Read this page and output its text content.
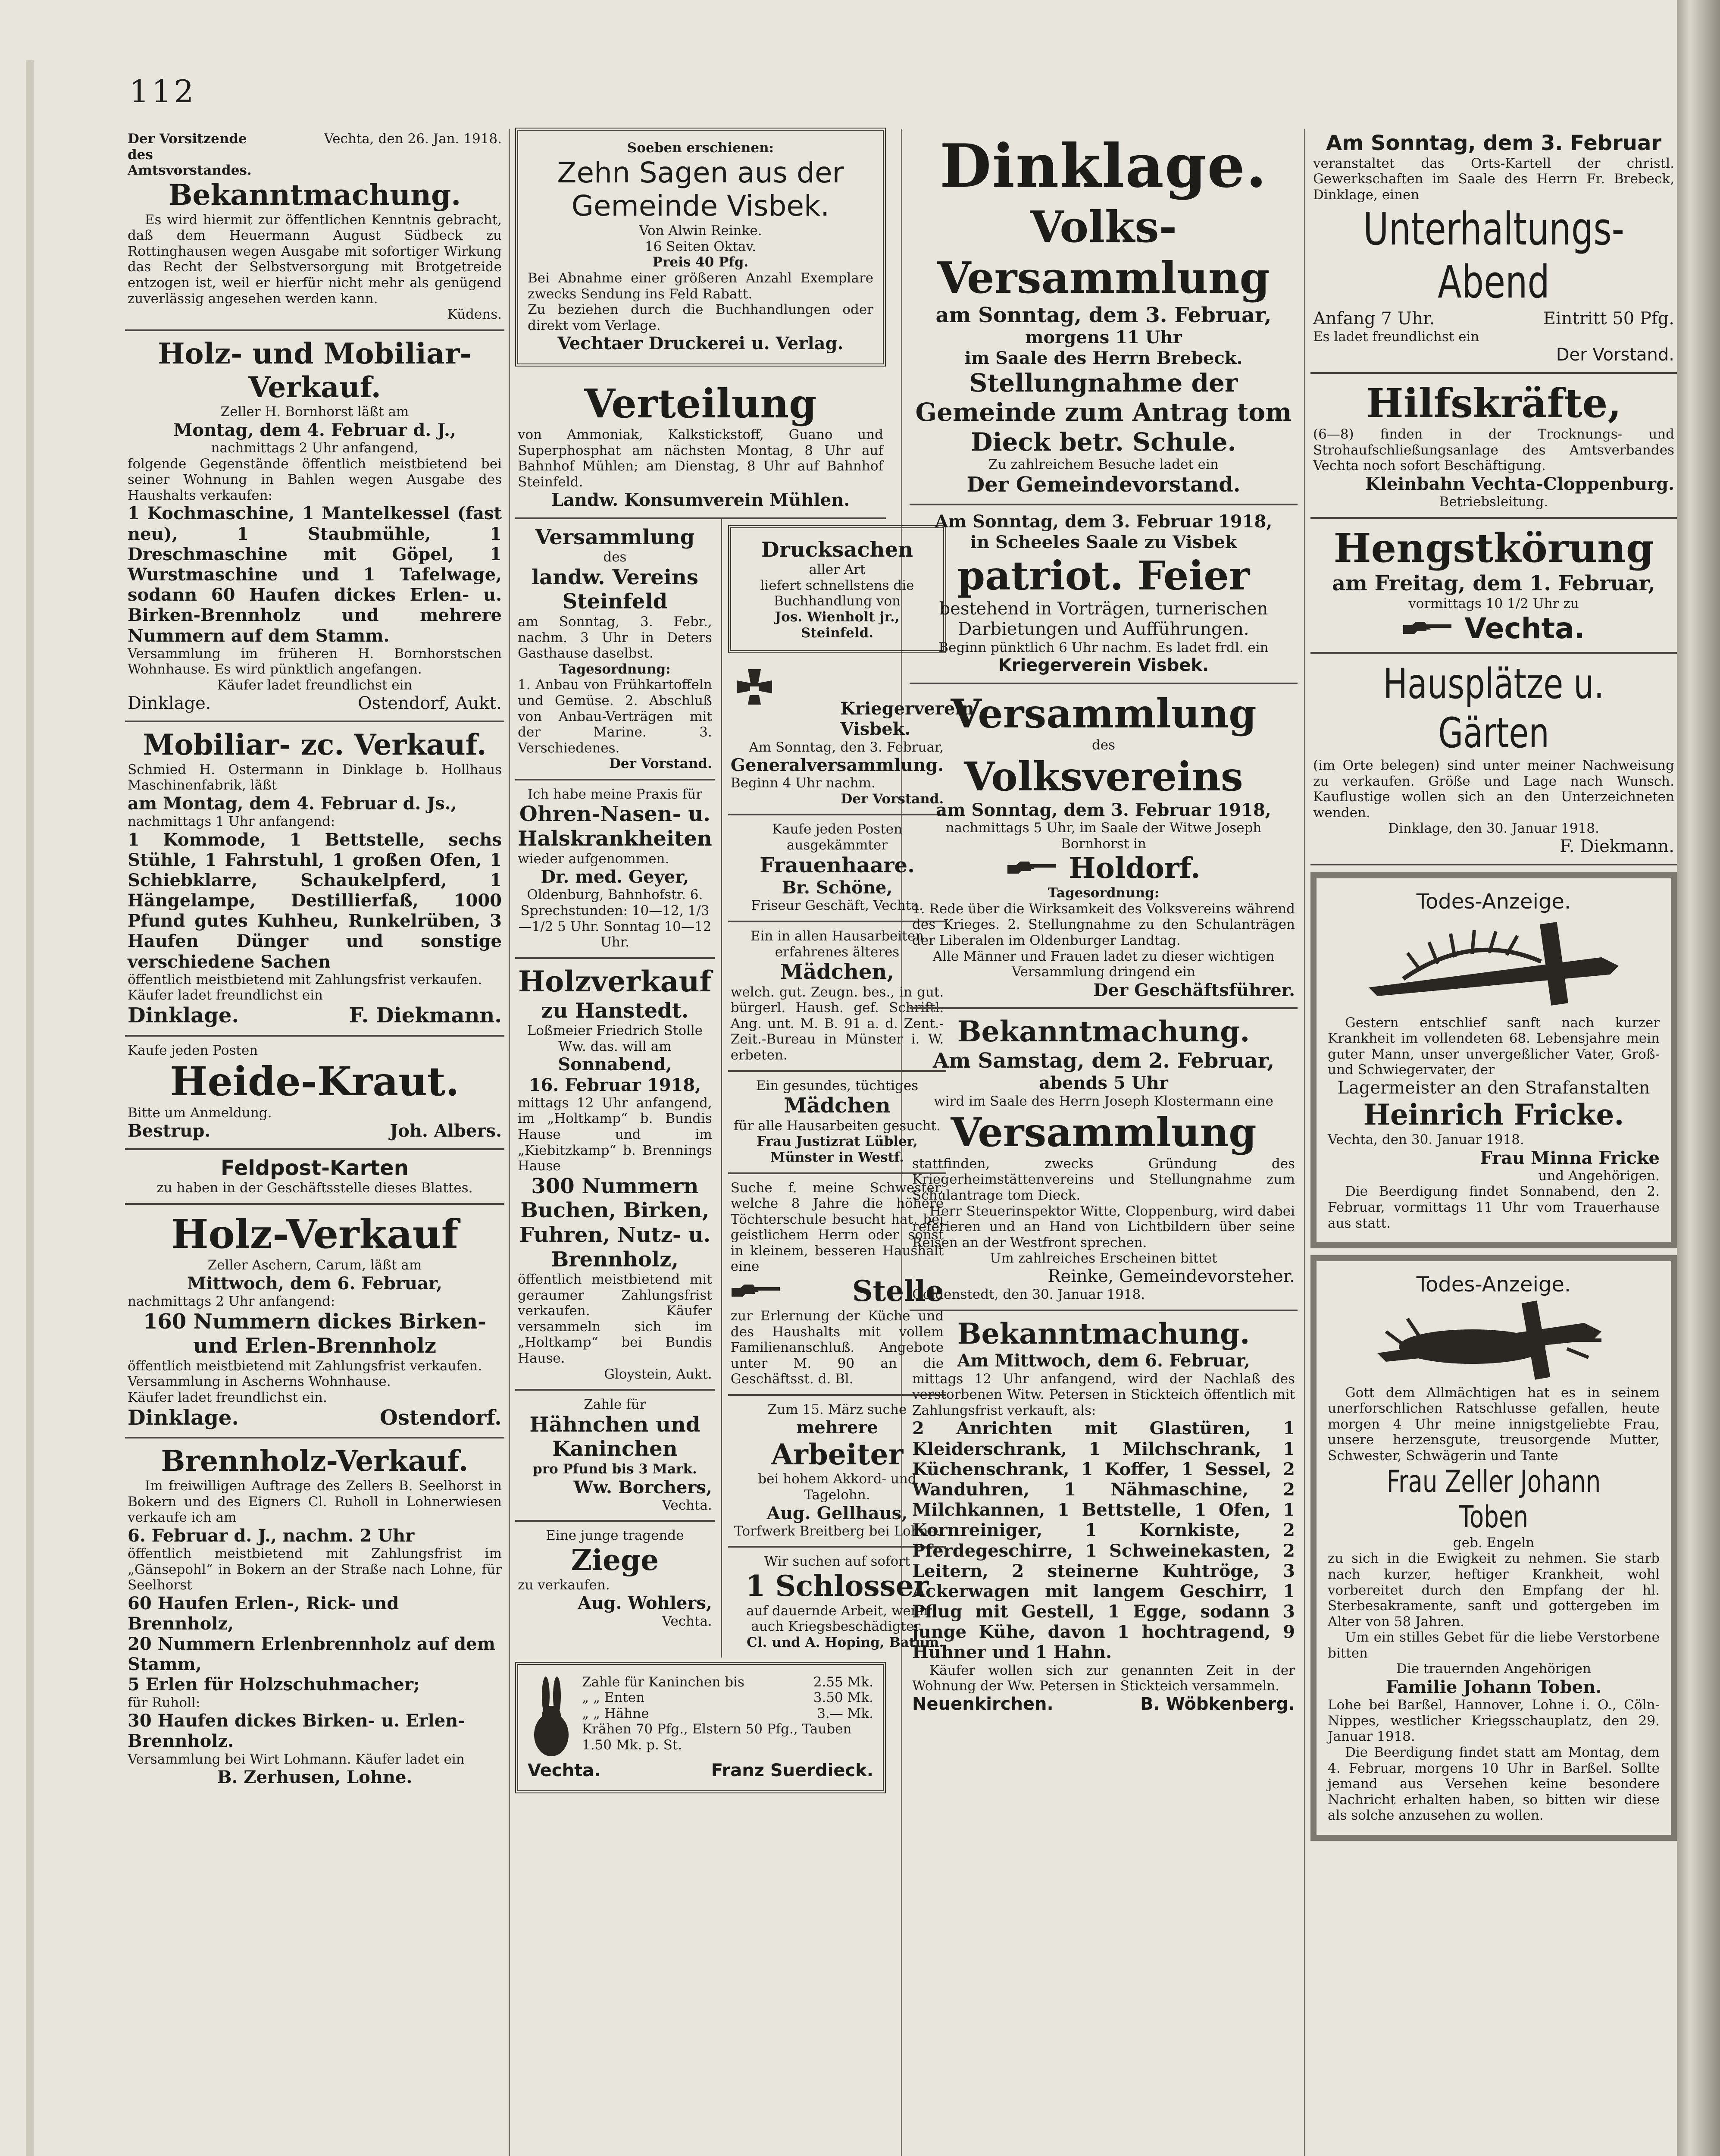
112

Der Vorsitzende des Amtsvorstandes.

Vechta, den 26. Jan. 1918.

Bekanntmachung.

Es wird hiermit zur öffentlichen Kenntnis gebracht, daß dem Heuermann August Südbeck zu Rottinghausen wegen Ausgabe mit sofortiger Wirkung das Recht der Selbstversorgung mit Brotgetreide entzogen ist, weil er hierfür nicht mehr als genügend zuverlässig angesehen werden kann.

Küdens.

Holz- und Mobiliar-Verkauf.

Zeller H. Bornhorst läßt am

Montag, dem 4. Februar d. J.,

nachmittags 2 Uhr anfangend,

folgende Gegenstände öffentlich meistbietend bei seiner Wohnung in Bahlen wegen Ausgabe des Haushalts verkaufen:

1 Kochmaschine, 1 Mantelkessel (fast neu), 1 Staubmühle, 1 Dreschmaschine mit Göpel, 1 Wurstmaschine und 1 Tafelwage, sodann 60 Haufen dickes Erlen- u. Birken-Brennholz und mehrere Nummern auf dem Stamm.

Versammlung im früheren H. Bornhorstschen Wohnhause. Es wird pünktlich angefangen.

Käufer ladet freundlichst ein

Dinklage.	Ostendorf, Aukt.

Mobiliar- zc. Verkauf.

Schmied H. Ostermann in Dinklage b. Hollhaus Maschinenfabrik, läßt

am Montag, dem 4. Februar d. Js.,

nachmittags 1 Uhr anfangend:

1 Kommode, 1 Bettstelle, sechs Stühle, 1 Fahrstuhl, 1 großen Ofen, 1 Schiebklarre, Schaukelpferd, 1 Hängelampe, Destillierfaß, 1000 Pfund gutes Kuhheu, Runkelrüben, 3 Haufen Dünger und sonstige verschiedene Sachen

öffentlich meistbietend mit Zahlungsfrist verkaufen.

Käufer ladet freundlichst ein

Dinklage.	F. Diekmann.

Kaufe jeden Posten

Heide-Kraut.

Bitte um Anmeldung.

Bestrup.	Joh. Albers.

Feldpost-Karten

zu haben in der Geschäftsstelle dieses Blattes.

Holz-Verkauf

Zeller Aschern, Carum, läßt am

Mittwoch, dem 6. Februar,

nachmittags 2 Uhr anfangend:

160 Nummern dickes Birken- und Erlen-Brennholz

öffentlich meistbietend mit Zahlungsfrist verkaufen.

Versammlung in Ascherns Wohnhause.

Käufer ladet freundlichst ein.

Dinklage.	Ostendorf.

Brennholz-Verkauf.

Im freiwilligen Auftrage des Zellers B. Seelhorst in Bokern und des Eigners Cl. Ruholl in Lohnerwiesen verkaufe ich am

6. Februar d. J., nachm. 2 Uhr

öffentlich meistbietend mit Zahlungsfrist im „Gänsepohl“ in Bokern an der Straße nach Lohne, für Seelhorst

60 Haufen Erlen-, Rick- und Brennholz,

20 Nummern Erlenbrennholz auf dem Stamm,

5 Erlen für Holzschuhmacher;

für Ruholl:

30 Haufen dickes Birken- u. Erlen-Brennholz.

Versammlung bei Wirt Lohmann. Käufer ladet ein

B. Zerhusen, Lohne.

Soeben erschienen:

Zehn Sagen aus der Gemeinde Visbek.

Von Alwin Reinke.

16 Seiten Oktav.

Preis 40 Pfg.

Bei Abnahme einer größeren Anzahl Exemplare zwecks Sendung ins Feld Rabatt.

Zu beziehen durch die Buchhandlungen oder direkt vom Verlage.

Vechtaer Druckerei u. Verlag.

Verteilung

von Ammoniak, Kalkstickstoff, Guano und Superphosphat am nächsten Montag, 8 Uhr auf Bahnhof Mühlen; am Dienstag, 8 Uhr auf Bahnhof Steinfeld.

Landw. Konsumverein Mühlen.

Versammlung

des

landw. Vereins Steinfeld

am Sonntag, 3. Febr., nachm. 3 Uhr in Deters Gasthause daselbst.

Tagesordnung:

1. Anbau von Frühkartoffeln und Gemüse. 2. Abschluß von Anbau-Verträgen mit der Marine. 3. Verschiedenes.

Der Vorstand.

Ich habe meine Praxis für

Ohren-Nasen- u. Halskrankheiten

wieder aufgenommen.

Dr. med. Geyer,

Oldenburg, Bahnhofstr. 6.

Sprechstunden: 10—12, 1/3—1/2 5 Uhr. Sonntag 10—12 Uhr.

Holzverkauf

zu Hanstedt.

Loßmeier Friedrich Stolle Ww. das. will am

Sonnabend,

16. Februar 1918,

mittags 12 Uhr anfangend, im „Holtkamp“ b. Bundis Hause und im „Kiebitzkamp“ b. Brennings Hause

300 Nummern Buchen, Birken, Fuhren, Nutz- u. Brennholz,

öffentlich meistbietend mit geraumer Zahlungsfrist verkaufen. Käufer versammeln sich im „Holtkamp“ bei Bundis Hause.

Gloystein, Aukt.

Zahle für

Hähnchen und Kaninchen

pro Pfund bis 3 Mark.

Ww. Borchers,

Vechta.

Eine junge tragende

Ziege

zu verkaufen.

Aug. Wohlers,

Vechta.

Drucksachen

aller Art

liefert schnellstens die Buchhandlung von

Jos. Wienholt jr., Steinfeld.

Kriegerverein Visbek.

Am Sonntag, den 3. Februar,

Generalversammlung.

Beginn 4 Uhr nachm.

Der Vorstand.

Kaufe jeden Posten ausgekämmter

Frauenhaare.

Br. Schöne,

Friseur Geschäft, Vechta.

Ein in allen Hausarbeiten erfahrenes älteres

Mädchen,

welch. gut. Zeugn. bes., in gut. bürgerl. Haush. gef. Schriftl. Ang. unt. M. B. 91 a. d. Zent.-Zeit.-Bureau in Münster i. W. erbeten.

Ein gesundes, tüchtiges

Mädchen

für alle Hausarbeiten gesucht.

Frau Justizrat Lübler,

Münster in Westf.

Suche f. meine Schwester, welche 8 Jahre die höhere Töchterschule besucht hat, bei geistlichem Herrn oder sonst in kleinem, besseren Haushalt eine

Stelle

zur Erlernung der Küche und des Haushalts mit vollem Familienanschluß. Angebote unter M. 90 an die Geschäftsst. d. Bl.

Zum 15. März suche

mehrere

Arbeiter

bei hohem Akkord- und Tagelohn.

Aug. Gellhaus,

Torfwerk Breitberg bei Lohne.

Wir suchen auf sofort

1 Schlosser

auf dauernde Arbeit, wenn auch Kriegsbeschädigter.

Cl. und A. Hoping, Batum.

Zahle für Kaninchen bis	2.55 Mk.

„ „ Enten	3.50 Mk.

„ „ Hähne	3.— Mk.

Krähen 70 Pfg., Elstern 50 Pfg., Tauben 1.50 Mk. p. St.

Vechta.	Franz Suerdieck.

Dinklage.

Volks-Versammlung

am Sonntag, dem 3. Februar,

morgens 11 Uhr

im Saale des Herrn Brebeck.

Stellungnahme der Gemeinde zum Antrag tom Dieck betr. Schule.

Zu zahlreichem Besuche ladet ein

Der Gemeindevorstand.

Am Sonntag, dem 3. Februar 1918,

in Scheeles Saale zu Visbek

patriot. Feier

bestehend in Vorträgen, turnerischen Darbietungen und Aufführungen.

Beginn pünktlich 6 Uhr nachm. Es ladet frdl. ein

Kriegerverein Visbek.

Versammlung

des

Volksvereins

am Sonntag, dem 3. Februar 1918,

nachmittags 5 Uhr, im Saale der Witwe Joseph Bornhorst in

Holdorf.

Tagesordnung:

1. Rede über die Wirksamkeit des Volksvereins während des Krieges. 2. Stellungnahme zu den Schulanträgen der Liberalen im Oldenburger Landtag.

Alle Männer und Frauen ladet zu dieser wichtigen Versammlung dringend ein

Der Geschäftsführer.

Bekanntmachung.

Am Samstag, dem 2. Februar,

abends 5 Uhr

wird im Saale des Herrn Joseph Klostermann eine

Versammlung

stattfinden, zwecks Gründung des Kriegerheimstättenvereins und Stellungnahme zum Schulantrage tom Dieck.

Herr Steuerinspektor Witte, Cloppenburg, wird dabei referieren und an Hand von Lichtbildern über seine Reisen an der Westfront sprechen.

Um zahlreiches Erscheinen bittet

Reinke, Gemeindevorsteher.

Goldenstedt, den 30. Januar 1918.

Bekanntmachung.

Am Mittwoch, dem 6. Februar,

mittags 12 Uhr anfangend, wird der Nachlaß des verstorbenen Witw. Petersen in Stickteich öffentlich mit Zahlungsfrist verkauft, als:

2 Anrichten mit Glastüren, 1 Kleiderschrank, 1 Milchschrank, 1 Küchenschrank, 1 Koffer, 1 Sessel, 2 Wanduhren, 1 Nähmaschine, 2 Milchkannen, 1 Bettstelle, 1 Ofen, 1 Kornreiniger, 1 Kornkiste, 2 Pferdegeschirre, 1 Schweinekasten, 2 Leitern, 2 steinerne Kuhtröge, 3 Ackerwagen mit langem Geschirr, 1 Pflug mit Gestell, 1 Egge, sodann 3 junge Kühe, davon 1 hochtragend, 9 Hühner und 1 Hahn.

Käufer wollen sich zur genannten Zeit in der Wohnung der Ww. Petersen in Stickteich versammeln.

Neuenkirchen.	B. Wöbkenberg.

Am Sonntag, dem 3. Februar

veranstaltet das Orts-Kartell der christl. Gewerkschaften im Saale des Herrn Fr. Brebeck, Dinklage, einen

Unterhaltungs-Abend

Anfang 7 Uhr.	Eintritt 50 Pfg.

Es ladet freundlichst ein

Der Vorstand.

Hilfskräfte,

(6—8) finden in der Trocknungs- und Strohaufschließungsanlage des Amtsverbandes Vechta noch sofort Beschäftigung.

Kleinbahn Vechta-Cloppenburg.

Betriebsleitung.

Hengstkörung

am Freitag, dem 1. Februar,

vormittags 10 1/2 Uhr zu

Vechta.

Hausplätze u. Gärten

(im Orte belegen) sind unter meiner Nachweisung zu verkaufen. Größe und Lage nach Wunsch. Kauflustige wollen sich an den Unterzeichneten wenden.

Dinklage, den 30. Januar 1918.

F. Diekmann.

Todes-Anzeige.

Gestern entschlief sanft nach kurzer Krankheit im vollendeten 68. Lebensjahre mein guter Mann, unser unvergeßlicher Vater, Groß- und Schwiegervater, der

Lagermeister an den Strafanstalten

Heinrich Fricke.

Vechta, den 30. Januar 1918.

Frau Minna Fricke

und Angehörigen.

Die Beerdigung findet Sonnabend, den 2. Februar, vormittags 11 Uhr vom Trauerhause aus statt.

Todes-Anzeige.

Gott dem Allmächtigen hat es in seinem unerforschlichen Ratschlusse gefallen, heute morgen 4 Uhr meine innigstgeliebte Frau, unsere herzensgute, treusorgende Mutter, Schwester, Schwägerin und Tante

Frau Zeller Johann Toben

geb. Engeln

zu sich in die Ewigkeit zu nehmen. Sie starb nach kurzer, heftiger Krankheit, wohl vorbereitet durch den Empfang der hl. Sterbesakramente, sanft und gottergeben im Alter von 58 Jahren.

Um ein stilles Gebet für die liebe Verstorbene bitten

Die trauernden Angehörigen

Familie Johann Toben.

Lohe bei Barßel, Hannover, Lohne i. O., Cöln-Nippes, westlicher Kriegsschauplatz, den 29. Januar 1918.

Die Beerdigung findet statt am Montag, dem 4. Februar, morgens 10 Uhr in Barßel. Sollte jemand aus Versehen keine besondere Nachricht erhalten haben, so bitten wir diese als solche anzusehen zu wollen.
